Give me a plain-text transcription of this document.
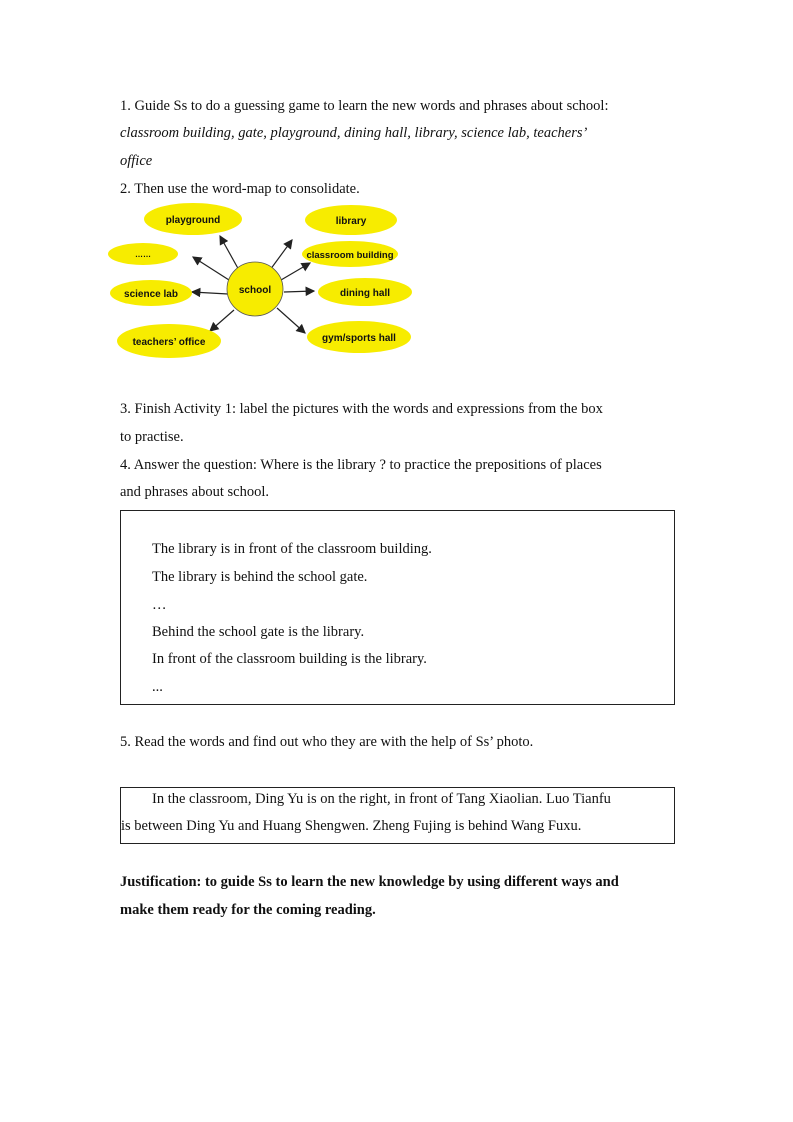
1. Guide Ss to do a guessing game to learn the new words and phrases about school:
classroom building, gate, playground, dining hall, library, science lab, teachers’
office
2. Then use the word-map to consolidate.
playground
……
science lab
teachers’ office
school
library
classroom building
dining hall
gym/sports hall
3. Finish Activity 1: label the pictures with the words and expressions from the box
to practise.
4. Answer the question: Where is the library ? to practice the prepositions of places
and phrases about school.
The library is in front of the classroom building.
The library is behind the school gate.
…
Behind the school gate is the library.
In front of the classroom building is the library.
...
5. Read the words and find out who they are with the help of Ss’ photo.
In the classroom, Ding Yu is on the right, in front of Tang Xiaolian. Luo Tianfu
is between Ding Yu and Huang Shengwen. Zheng Fujing is behind Wang Fuxu.
Justification: to guide Ss to learn the new knowledge by using different ways and
make them ready for the coming reading.
